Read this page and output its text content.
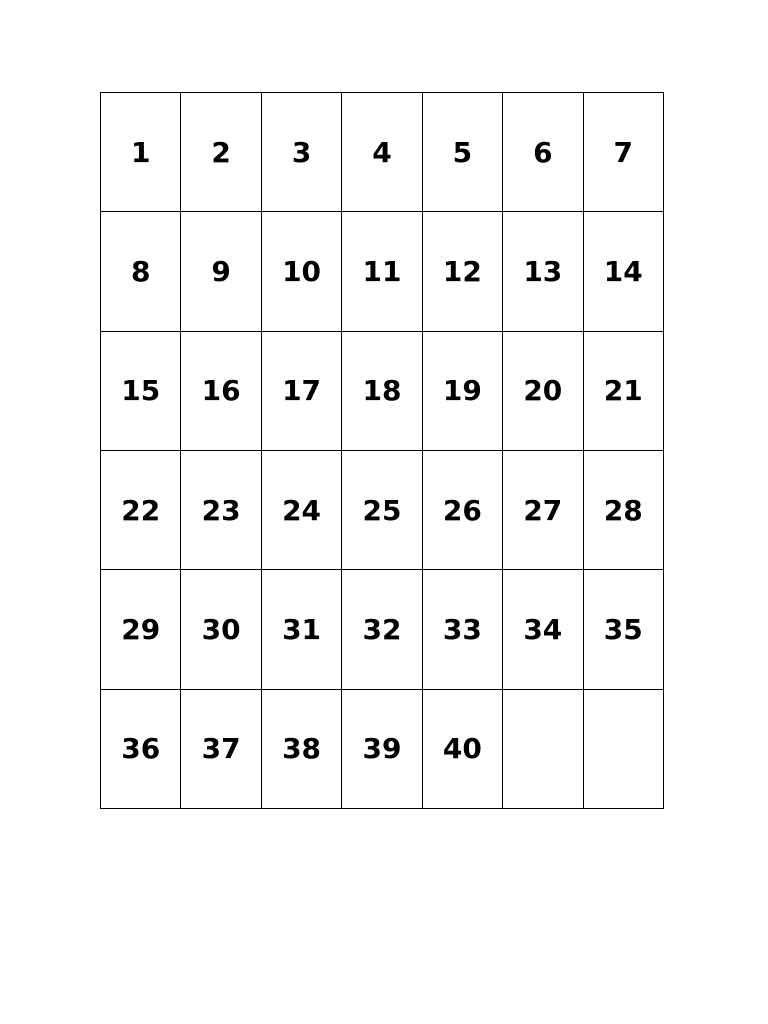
1	2	3	4	5	6	7
8	9	10	11	12	13	14
15	16	17	18	19	20	21
22	23	24	25	26	27	28
29	30	31	32	33	34	35
36	37	38	39	40		
